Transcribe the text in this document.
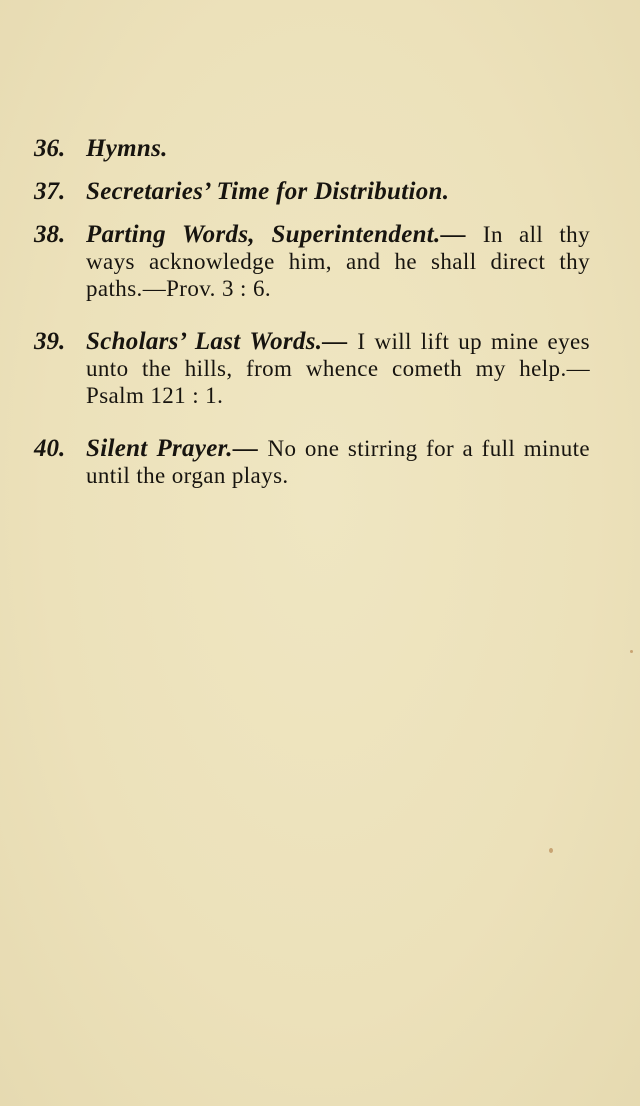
36. Hymns.
37. Secretaries’ Time for Distribution.
38. Parting Words, Superintendent.— In all thy ways acknowledge him, and he shall direct thy paths.—Prov. 3 : 6.
39. Scholars’ Last Words.— I will lift up mine eyes unto the hills, from whence cometh my help.—Psalm 121 : 1.
40. Silent Prayer.— No one stirring for a full minute until the organ plays.
